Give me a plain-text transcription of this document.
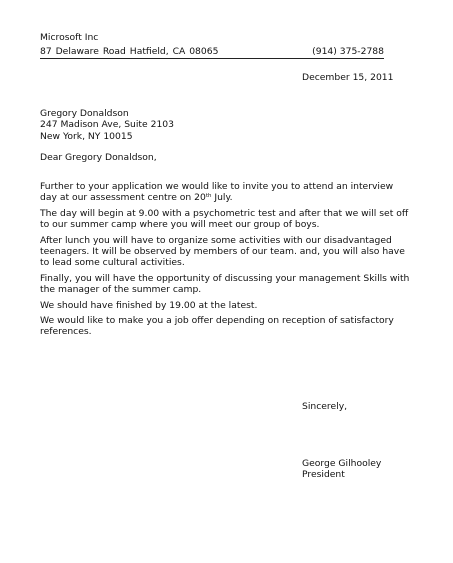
Microsoft Inc
87 Delaware Road Hatfield, CA 08065	(914) 375-2788
December 15, 2011
Gregory Donaldson
247 Madison Ave, Suite 2103
New York, NY 10015
Dear Gregory Donaldson,

Further to your application we would like to invite you to attend an interview day at our assessment centre on 20th July.

The day will begin at 9.00 with a psychometric test and after that we will set off to our summer camp where you will meet our group of boys.

After lunch you will have to organize some activities with our disadvantaged teenagers. It will be observed by members of our team. and, you will also have to lead some cultural activities.

Finally, you will have the opportunity of discussing your management Skills with the manager of the summer camp.

We should have finished by 19.00 at the latest.

We would like to make you a job offer depending on reception of satisfactory references.

Sincerely,
George Gilhooley
President
